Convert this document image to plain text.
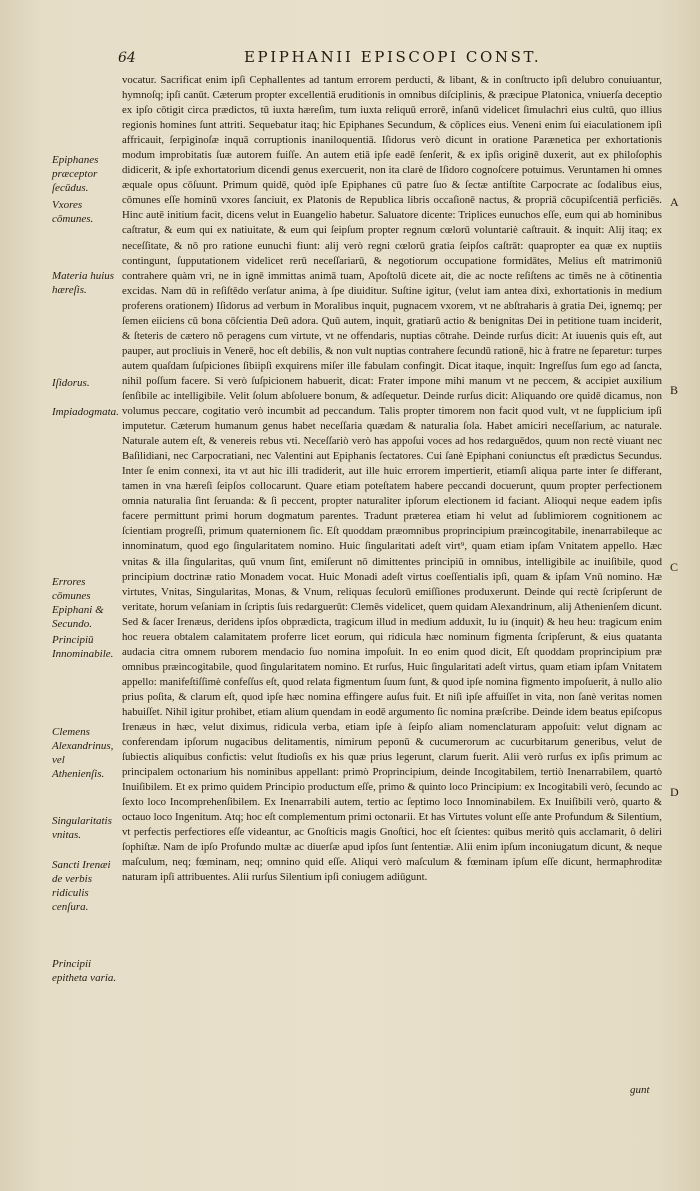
64	EPIPHANII EPISCOPI CONST.
Epiphanes præceptor ſecūdus.
Vxores cōmunes.
Materia huius hæreſis.
Iſidorus.
Impiadogmata.
Errores cōmunes Epiphani & Secundo.
Principiū Innominabile.
Clemens Alexandrinus, vel Athenienſis.
Singularitatis vnitas.
Sancti Irenæi de verbis ridiculis cenſura.
Principii epitheta varia.

vocatur. Sacrificat enim ipſi Cephallentes ad tantum errorem perducti, & libant, & in conſtructo ipſi delubro conuiuantur, hymnoſq; ipſi canūt. Cæterum propter excellentiā eruditionis in omnibus diſciplinis, & præcipue Platonica, vniuerſa deceptio ex ipſo cōtigit circa prædictos, tū iuxta hæreſim, tum iuxta reliquū errorē, inſanū videlicet ſimulachri eius cultū, quo illius regionis homines ſunt attriti. Sequebatur itaq; hic Epiphanes Secundum, & cōplices eius. Veneni enim ſui eiaculationem ipſi affricauit, ſerpiginoſæ inquā corruptionis inaniloquentiā. Iſidorus verò dicunt in oratione Parænetica per exhortationis modum improbitatis ſuæ autorem fuiſſe. An autem etiā ipſe eadē ſenſerit, & ex ipſis originē duxerit, aut ex philoſophis didicerit, & ipſe exhortatorium dicendi genus exercuerit, non ita clarè de Iſidoro cognoſcere potuimus. Veruntamen hi omnes æquale opus cōſuunt. Primum quidē, quòd ipſe Epiphanes cū patre ſuo & ſectæ antiſtite Carpocrate ac ſodalibus eius, cōmunes eſſe hominū vxores ſanciuit, ex Platonis de Republica libris occaſionē nactus, & propriā cōcupiſcentiā perficiēs. Hinc autē initium facit, dicens velut in Euangelio habetur. Saluatore dicente: Triplices eunuchos eſſe, eum qui ab hominibus caſtratur, & eum qui ex natiuitate, & eum qui ſeipſum propter regnum cœlorū voluntariè caſtrauit. & inquit: Alij itaq; ex neceſſitate, & nō pro ratione eunuchi fiunt: alij verò regni cœlorū gratia ſeipſos caſtrāt: quapropter ea quæ ex nuptiis contingunt, ſupputationem videlicet rerū neceſſariarū, & negotiorum occupatione formidātes, Melius eſt matrimoniū contrahere quàm vri, ne in ignē immittas animā tuam, Apoſtolū dicete ait, die ac nocte reſiſtens ac timēs ne à cōtinentia excidas. Nam dū in reſiſtēdo verſatur anima, à ſpe diuiditur. Suſtine igitur, (velut iam antea dixi, exhortationis in medium proferens orationem) Iſidorus ad verbum in Moralibus inquit, pugnacem vxorem, vt ne abſtraharis à gratia Dei, ignemq; per ſemen eiiciens cū bona cōſcientia Deū adora. Quū autem, inquit, gratiarū actio & benignitas Dei in petitione tuam inciderit, & ſteteris de cætero nō peragens cum virtute, vt ne offendaris, nuptias cōtrahe. Deinde rurſus dicit: At iuuenis quis eſt, aut pauper, aut procliuis in Venerē, hoc eſt debilis, & non vult nuptias contrahere ſecundū rationē, hic à fratre ne ſeparetur: turpes autem quaſdam ſuſpiciones ſibiipſi exquirens miſer ille fabulam confingit. Dicat itaque, inquit: Ingreſſus ſum ego ad ſancta, nihil poſſum facere. Si verò ſuſpicionem habuerit, dicat: Frater impone mihi manum vt ne peccem, & accipiet auxilium ſenſibile ac intelligibile. Velit ſolum abſoluere bonum, & adſequetur. Deinde rurſus dicit: Aliquando ore quidē dicamus, non volumus peccare, cogitatio verò incumbit ad peccandum. Talis propter timorem non facit quod vult, vt ne ſupplicium ipſi imputetur. Cæterum humanum genus habet neceſſaria quædam & naturalia ſola. Habet amiciri neceſſarium, ac naturale. Naturale autem eſt, & venereis rebus vti. Neceſſariò verò has appoſui voces ad hos redarguēdos, quum non rectè viuant nec Baſilidiani, nec Carpocratiani, nec Valentini aut Epiphanis ſectatores. Cui ſanè Epiphani coniunctus eſt prædictus Secundus. Inter ſe enim connexi, ita vt aut hic illi tradiderit, aut ille huic errorem impertierit, etiamſi aliqua parte inter ſe differant, tamen in vna hæreſi ſeipſos collocarunt. Quare etiam poteſtatem habere peccandi docuerunt, quum propter perfectionem omnia naturalia ſint ſeruanda: & ſi peccent, propter naturaliter ipſorum electionem id faciant. Alioqui neque eadem ipſis facere permittunt primi horum dogmatum parentes. Tradunt præterea etiam hi velut ad ſublimiorem cognitionem ac ſcientiam progreſſi, primum quaternionem ſic. Eſt quoddam præomnibus proprincipium præincogitabile, inenarrabileque ac innominatum, quod ego ſingularitatem nomino. Huic ſingularitati adeſt virt⁹, quam etiam ipſam Vnitatem appello. Hæc vnitas & illa ſingularitas, quū vnum ſint, emiſerunt nō dimittentes principiū in omnibus, intelligibile ac inuiſibile, quod principium doctrinæ ratio Monadem vocat. Huic Monadi adeſt virtus coeſſentialis ipſi, quam & ipſam Vnū nomino. Hæ virtutes, Vnitas, Singularitas, Monas, & Vnum, reliquas ſeculorū emiſſiones produxerunt. Deinde qui rectè ſcripſerunt de veritate, horum veſaniam in ſcriptis ſuis redarguerūt: Clemēs videlicet, quem quidam Alexandrinum, alij Athenienſem dicunt. Sed & ſacer Irenæus, deridens ipſos obprædicta, tragicum illud in medium adduxit, Iu iu (inquit) & heu heu: tragicum enim hoc reuera obtalem calamitatem proferre licet eorum, qui ridicula hæc nominum figmenta ſcripſerunt, & eius quatanta audacia citra omnem ruborem mendacio ſuo nomina impoſuit. In eo enim quod dicit, Eſt quoddam proprincipium præ omnibus præincogitabile, quod ſingularitatem nomino. Et rurſus, Huic ſingularitati adeſt virtus, quam etiam ipſam Vnitatem appello: manifeſtiſſimè confeſſus eſt, quod relata figmentum ſuum ſunt, & quod ipſe nomina figmento impoſuerit, à nullo alio prius poſita, & clarum eſt, quod ipſe hæc nomina effingere auſus fuit. Et niſi ipſe affuiſſet in vita, non ſanè veritas nomen habuiſſet. Nihil igitur prohibet, etiam alium quendam in eodē argumento ſic nomina præſcribe. Deinde idem beatus epiſcopus Irenæus in hæc, velut diximus, ridicula verba, etiam ipſe à ſeipſo aliam nomenclaturam appoſuit: velut dignam ac conferendam ipſorum nugacibus delitamentis, nimirum peponū & cucumerorum ac cucurbitarum generibus, velut de ſubiectis aliquibus confictis: velut ſtudioſis ex his quæ prius legerunt, clarum fuerit. Alii verò rurſus ex ipſis primum ac principalem octonarium his nominibus appellant: primò Proprincipium, deinde Incogitabilem, tertiò Inenarrabilem, quartò Inuiſibilem. Et ex primo quidem Principio productum eſſe, primo & quinto loco Principium: ex Incogitabili verò, ſecundo ac ſexto loco Incomprehenſibilem. Ex Inenarrabili autem, tertio ac ſeptimo loco Innominabilem. Ex Inuiſibili verò, quarto & octauo loco Ingenitum. Atq; hoc eſt complementum primi octonarii. Et has Virtutes volunt eſſe ante Profundum & Silentium, vt perfectis perfectiores eſſe videantur, ac Gnoſticis magis Gnoſtici, hoc eſt ſcientes: quibus meritò quis acclamarit, ô deliri ſophiſtæ. Nam de ipſo Profundo multæ ac diuerſæ apud ipſos ſunt ſententiæ. Alii enim ipſum inconiugatum dicunt, & neque maſculum, neq; fœminam, neq; omnino quid eſſe. Aliqui verò maſculum & fœminam ipſum eſſe dicunt, hermaphroditæ naturam ipſi attribuentes. Alii rurſus Silentium ipſi coniugem adiūgunt.

A
B
C
D
gunt
